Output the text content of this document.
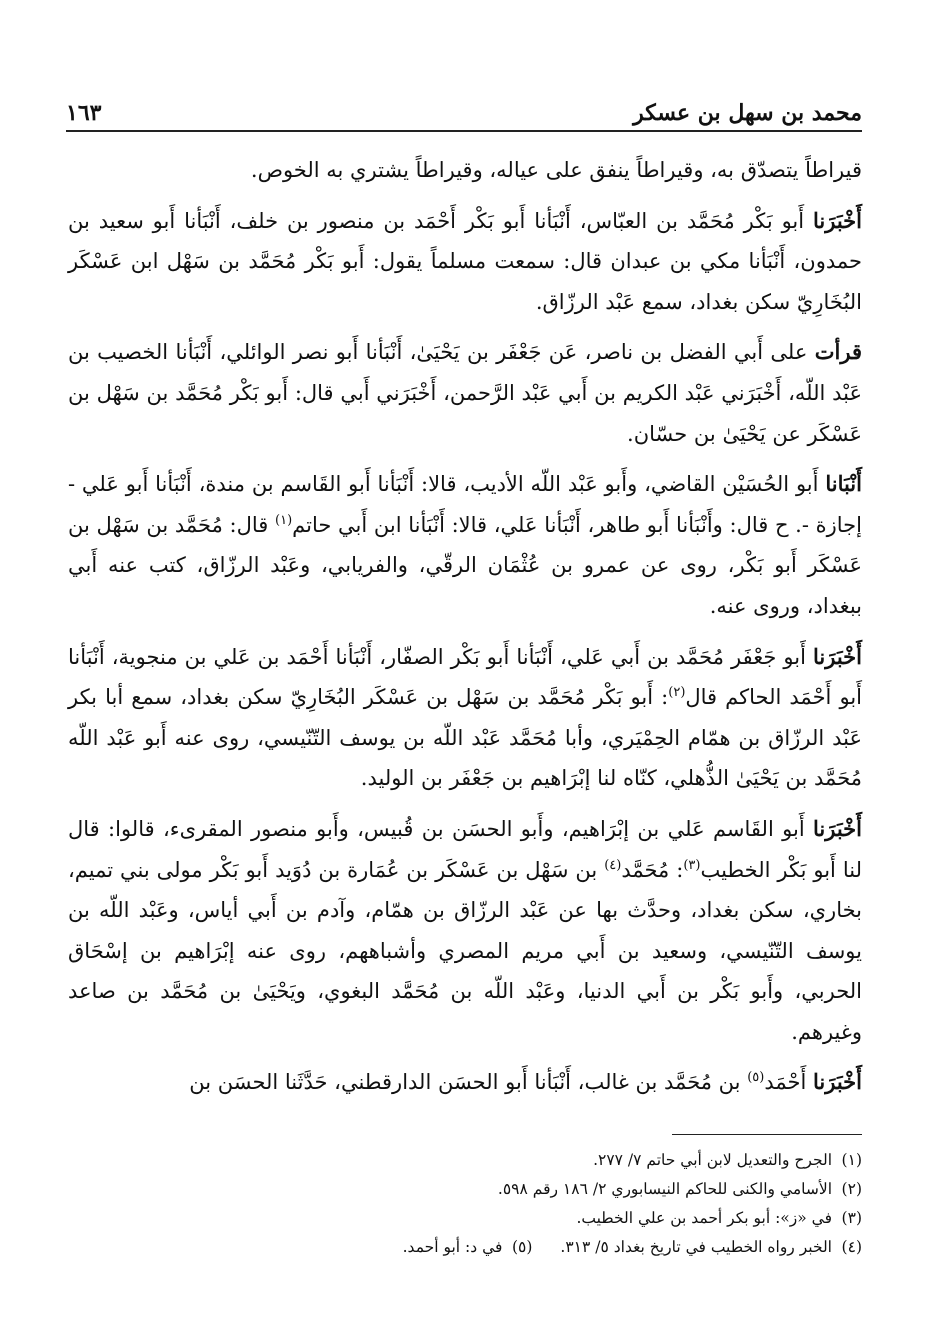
محمد بن سهل بن عسكر
١٦٣

قيراطاً يتصدّق به، وقيراطاً ينفق على عياله، وقيراطاً يشتري به الخوص.

أَخْبَرَنا أَبو بَكْر مُحَمَّد بن العبّاس، أَنْبَأنا أَبو بَكْر أَحْمَد بن منصور بن خلف، أَنْبَأنا أَبو سعيد بن حمدون، أَنْبَأنا مكي بن عبدان قال: سمعت مسلماً يقول: أَبو بَكْر مُحَمَّد بن سَهْل ابن عَسْكَر البُخَارِيّ سكن بغداد، سمع عَبْد الرزّاق.

قرأت على أَبي الفضل بن ناصر، عَن جَعْفَر بن يَحْيَىٰ، أَنْبَأنا أَبو نصر الوائلي، أَنْبَأنا الخصيب بن عَبْد اللّه، أَخْبَرَني عَبْد الكريم بن أَبي عَبْد الرَّحمن، أَخْبَرَني أَبي قال: أَبو بَكْر مُحَمَّد بن سَهْل بن عَسْكَر عن يَحْيَىٰ بن حسّان.

أَنْبَانا أَبو الحُسَيْن القاضي، وأَبو عَبْد اللّه الأديب، قالا: أَنْبَأنا أَبو القَاسم بن مندة، أَنْبَأنا أَبو عَلي - إجازة -. ح قال: وأَنْبَأنا أَبو طاهر، أَنْبَأنا عَلي، قالا: أَنْبَأنا ابن أَبي حاتم$^{(١)}$ قال: مُحَمَّد بن سَهْل بن عَسْكَر أَبو بَكْر، روى عن عمرو بن عُثْمَان الرقّي، والفريابي، وعَبْد الرزّاق، كتب عنه أَبي ببغداد، وروى عنه.

أَخْبَرَنا أَبو جَعْفَر مُحَمَّد بن أَبي عَلي، أَنْبَأنا أَبو بَكْر الصفّار، أَنْبَأنا أَحْمَد بن عَلي بن منجوية، أَنْبَأنا أَبو أَحْمَد الحاكم قال$^{(٢)}$: أَبو بَكْر مُحَمَّد بن سَهْل بن عَسْكَر البُخَارِيّ سكن بغداد، سمع أبا بكر عَبْد الرزّاق بن همّام الحِمْيَري، وأبا مُحَمَّد عَبْد اللّه بن يوسف التّنّيسي، روى عنه أَبو عَبْد اللّه مُحَمَّد بن يَحْيَىٰ الذُّهلي، كنّاه لنا إبْرَاهيم بن جَعْفَر بن الوليد.

أَخْبَرَنا أَبو القَاسم عَلي بن إبْرَاهيم، وأَبو الحسَن بن قُبيس، وأَبو منصور المقرىء، قالوا: قال لنا أَبو بَكْر الخطيب$^{(٣)}$: مُحَمَّد$^{(٤)}$ بن سَهْل بن عَسْكَر بن عُمَارة بن دُوَيد أَبو بَكْر مولى بني تميم، بخاري، سكن بغداد، وحدَّث بها عن عَبْد الرزّاق بن همّام، وآدم بن أَبي أياس، وعَبْد اللّه بن يوسف التّنّيسي، وسعيد بن أَبي مريم المصري وأشباههم، روى عنه إبْرَاهيم بن إسْحَاق الحربي، وأَبو بَكْر بن أَبي الدنيا، وعَبْد اللّه بن مُحَمَّد البغوي، ويَحْيَىٰ بن مُحَمَّد بن صاعد وغيرهم.

أَخْبَرَنا أَحْمَد$^{(٥)}$ بن مُحَمَّد بن غالب، أَنْبَأنا أَبو الحسَن الدارقطني، حَدَّثَنا الحسَن بن

(١)الجرح والتعديل لابن أبي حاتم ٧/ ٢٧٧.
(٢)الأسامي والكنى للحاكم النيسابوري ٢/ ١٨٦ رقم ٥٩٨.
(٣)في «ز»: أبو بكر أحمد بن علي الخطيب.
(٤)الخبر رواه الخطيب في تاريخ بغداد ٥/ ٣١٣.(٥)في د: أبو أحمد.
